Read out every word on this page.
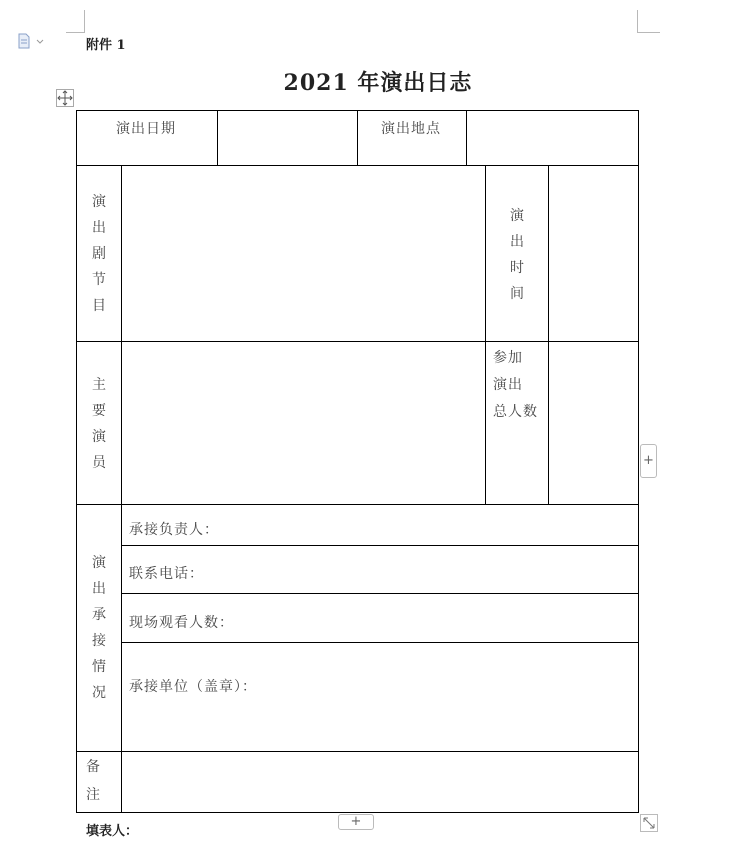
附件 1
2021 年演出日志
演出日期	演出地点
演
出
剧
节
目
演
出
时
间
主
要
演
员
参加
演出
总人数
演
出
承
接
情
况
备
注
承接负责人：
联系电话：
现场观看人数：
承接单位（盖章）：
+
+
填表人：
